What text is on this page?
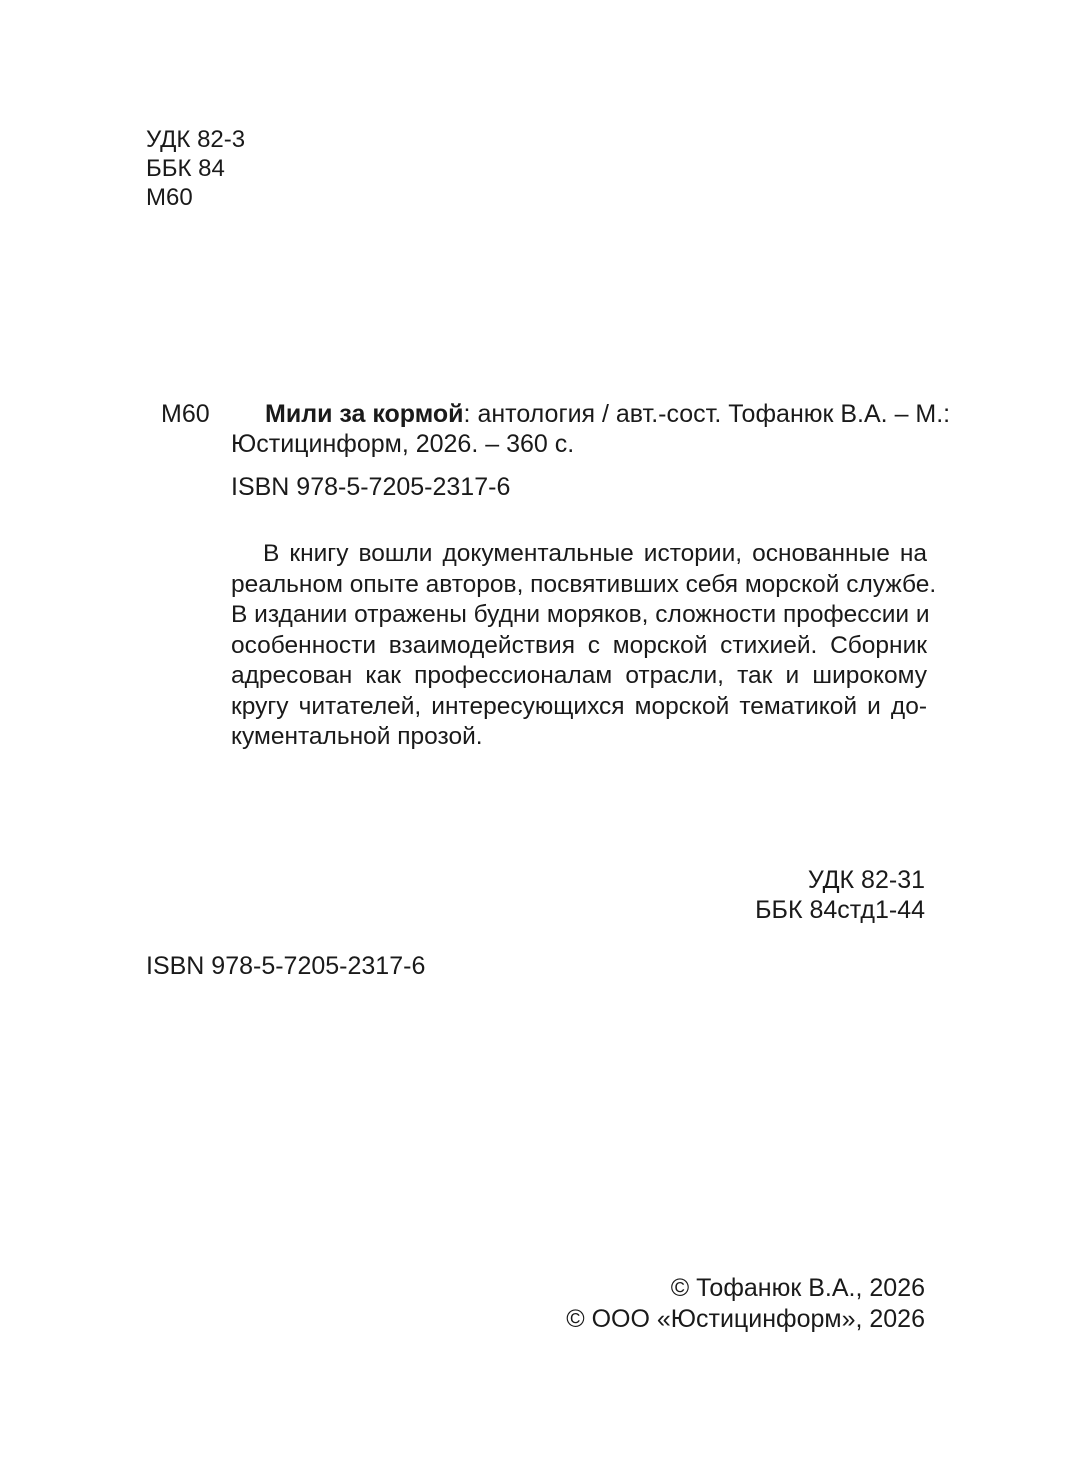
УДК 82-3
ББК 84
М60
М60 Мили за кормой: антология / авт.-сост. Тофанюк В.А. – М.:
Юстицинформ, 2026. – 360 с.
ISBN 978-5-7205-2317-6
В книгу вошли документальные истории, основанные на
реальном опыте авторов, посвятивших себя морской службе.
В издании отражены будни моряков, сложности профессии и
особенности взаимодействия с морской стихией. Сборник
адресован как профессионалам отрасли, так и широкому
кругу читателей, интересующихся морской тематикой и до-
кументальной прозой.
УДК 82-31
ББК 84стд1-44
ISBN 978-5-7205-2317-6
© Тофанюк В.А., 2026
© ООО «Юстицинформ», 2026
